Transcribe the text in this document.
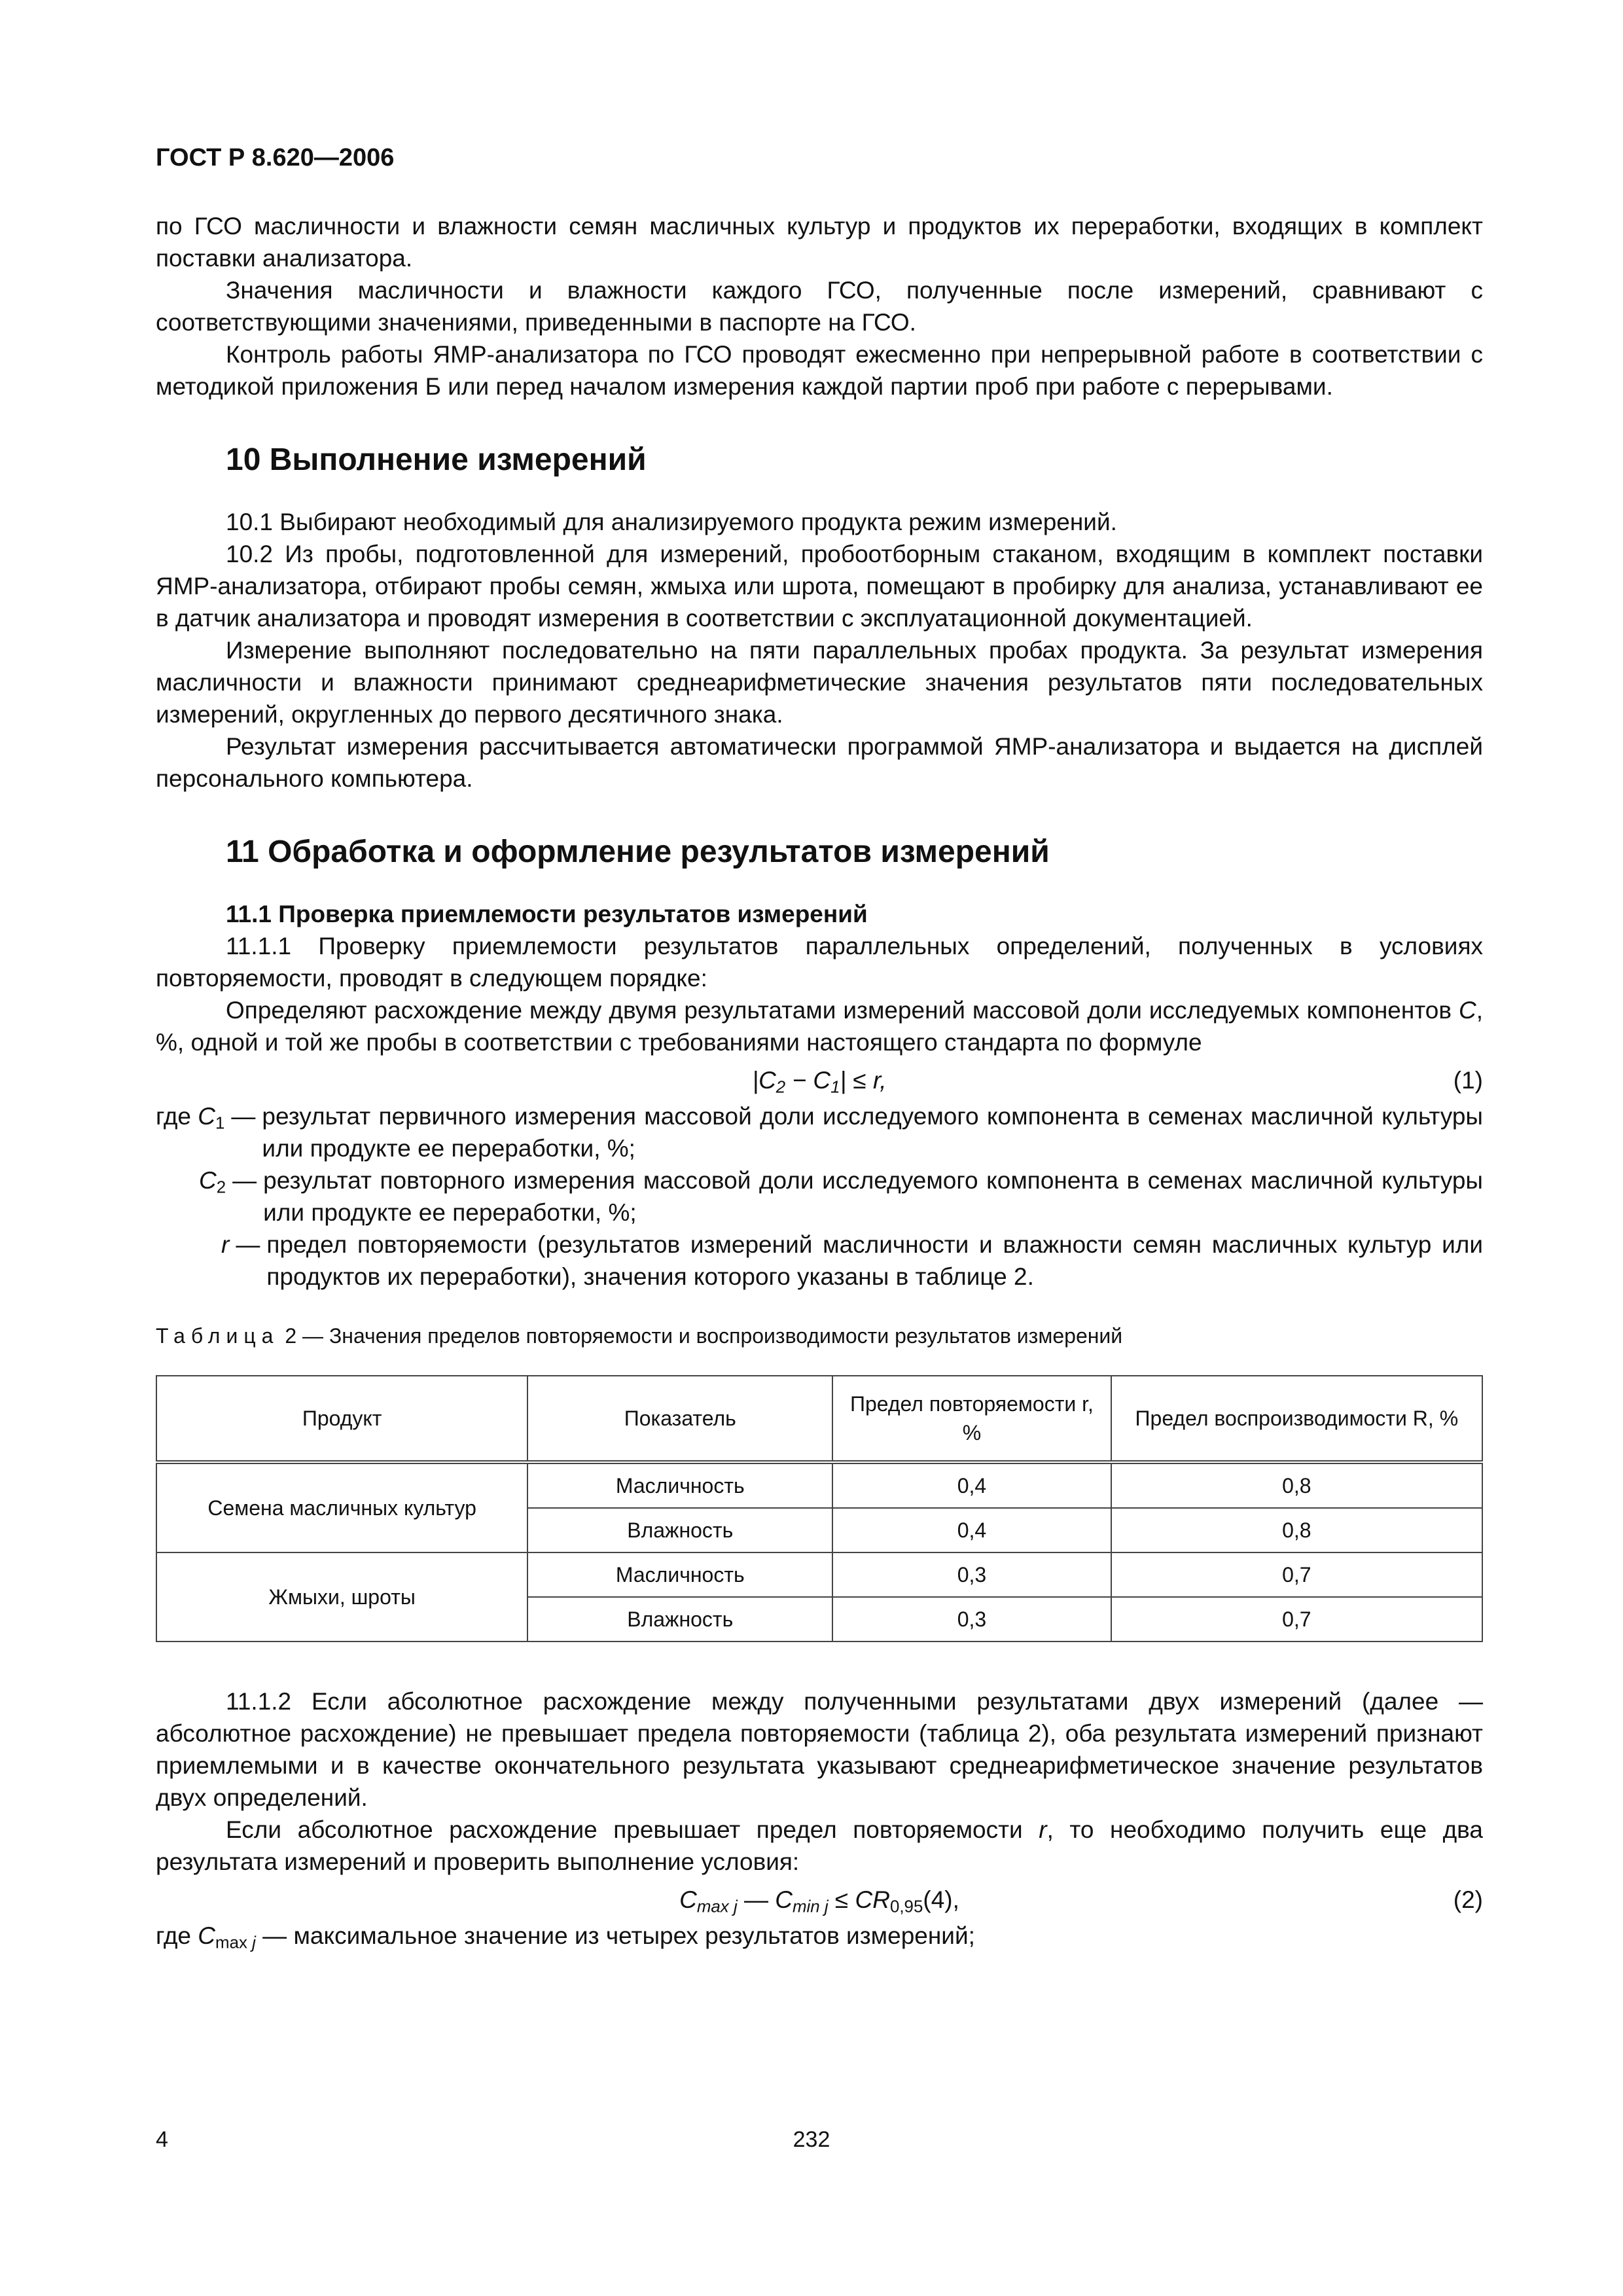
ГОСТ Р 8.620—2006

по ГСО масличности и влажности семян масличных культур и продуктов их переработки, входящих в комплект поставки анализатора.

Значения масличности и влажности каждого ГСО, полученные после измерений, сравнивают с соответствующими значениями, приведенными в паспорте на ГСО.

Контроль работы ЯМР-анализатора по ГСО проводят ежесменно при непрерывной работе в соответствии с методикой приложения Б или перед началом измерения каждой партии проб при работе с перерывами.

10 Выполнение измерений

10.1 Выбирают необходимый для анализируемого продукта режим измерений.

10.2 Из пробы, подготовленной для измерений, пробоотборным стаканом, входящим в комплект поставки ЯМР-анализатора, отбирают пробы семян, жмыха или шрота, помещают в пробирку для анализа, устанавливают ее в датчик анализатора и проводят измерения в соответствии с эксплуатационной документацией.

Измерение выполняют последовательно на пяти параллельных пробах продукта. За результат измерения масличности и влажности принимают среднеарифметические значения результатов пяти последовательных измерений, округленных до первого десятичного знака.

Результат измерения рассчитывается автоматически программой ЯМР-анализатора и выдается на дисплей персонального компьютера.

11 Обработка и оформление результатов измерений
11.1 Проверка приемлемости результатов измерений

11.1.1 Проверку приемлемости результатов параллельных определений, полученных в условиях повторяемости, проводят в следующем порядке:

Определяют расхождение между двумя результатами измерений массовой доли исследуемых компонентов C, %, одной и той же пробы в соответствии с требованиями настоящего стандарта по формуле

$|C_2 - C_1| \le r$,	(1)
где $C_1$ — результат первичного измерения массовой доли исследуемого компонента в семенах масличной культуры или продукте ее переработки, %;
$C_2$ — результат повторного измерения массовой доли исследуемого компонента в семенах масличной культуры или продукте ее переработки, %;
r — предел повторяемости (результатов измерений масличности и влажности семян масличных культур или продуктов их переработки), значения которого указаны в таблице 2.
Таблица 2 — Значения пределов повторяемости и воспроизводимости результатов измерений
Продукт	Показатель	Предел повторяемости r, %	Предел воспроизводимости R, %
Семена масличных культур	Масличность	0,4	0,8
	Влажность	0,4	0,8
Жмыхи, шроты	Масличность	0,3	0,7
	Влажность	0,3	0,7

11.1.2 Если абсолютное расхождение между полученными результатами двух измерений (далее — абсолютное расхождение) не превышает предела повторяемости (таблица 2), оба результата измерений признают приемлемыми и в качестве окончательного результата указывают среднеарифметическое значение результатов двух определений.

Если абсолютное расхождение превышает предел повторяемости r, то необходимо получить еще два результата измерений и проверить выполнение условия:

$C_{max j}$ — $C_{min j} \le CR_{0,95}(4)$,	(2)

где $C_{max j}$ — максимальное значение из четырех результатов измерений;

4	232
